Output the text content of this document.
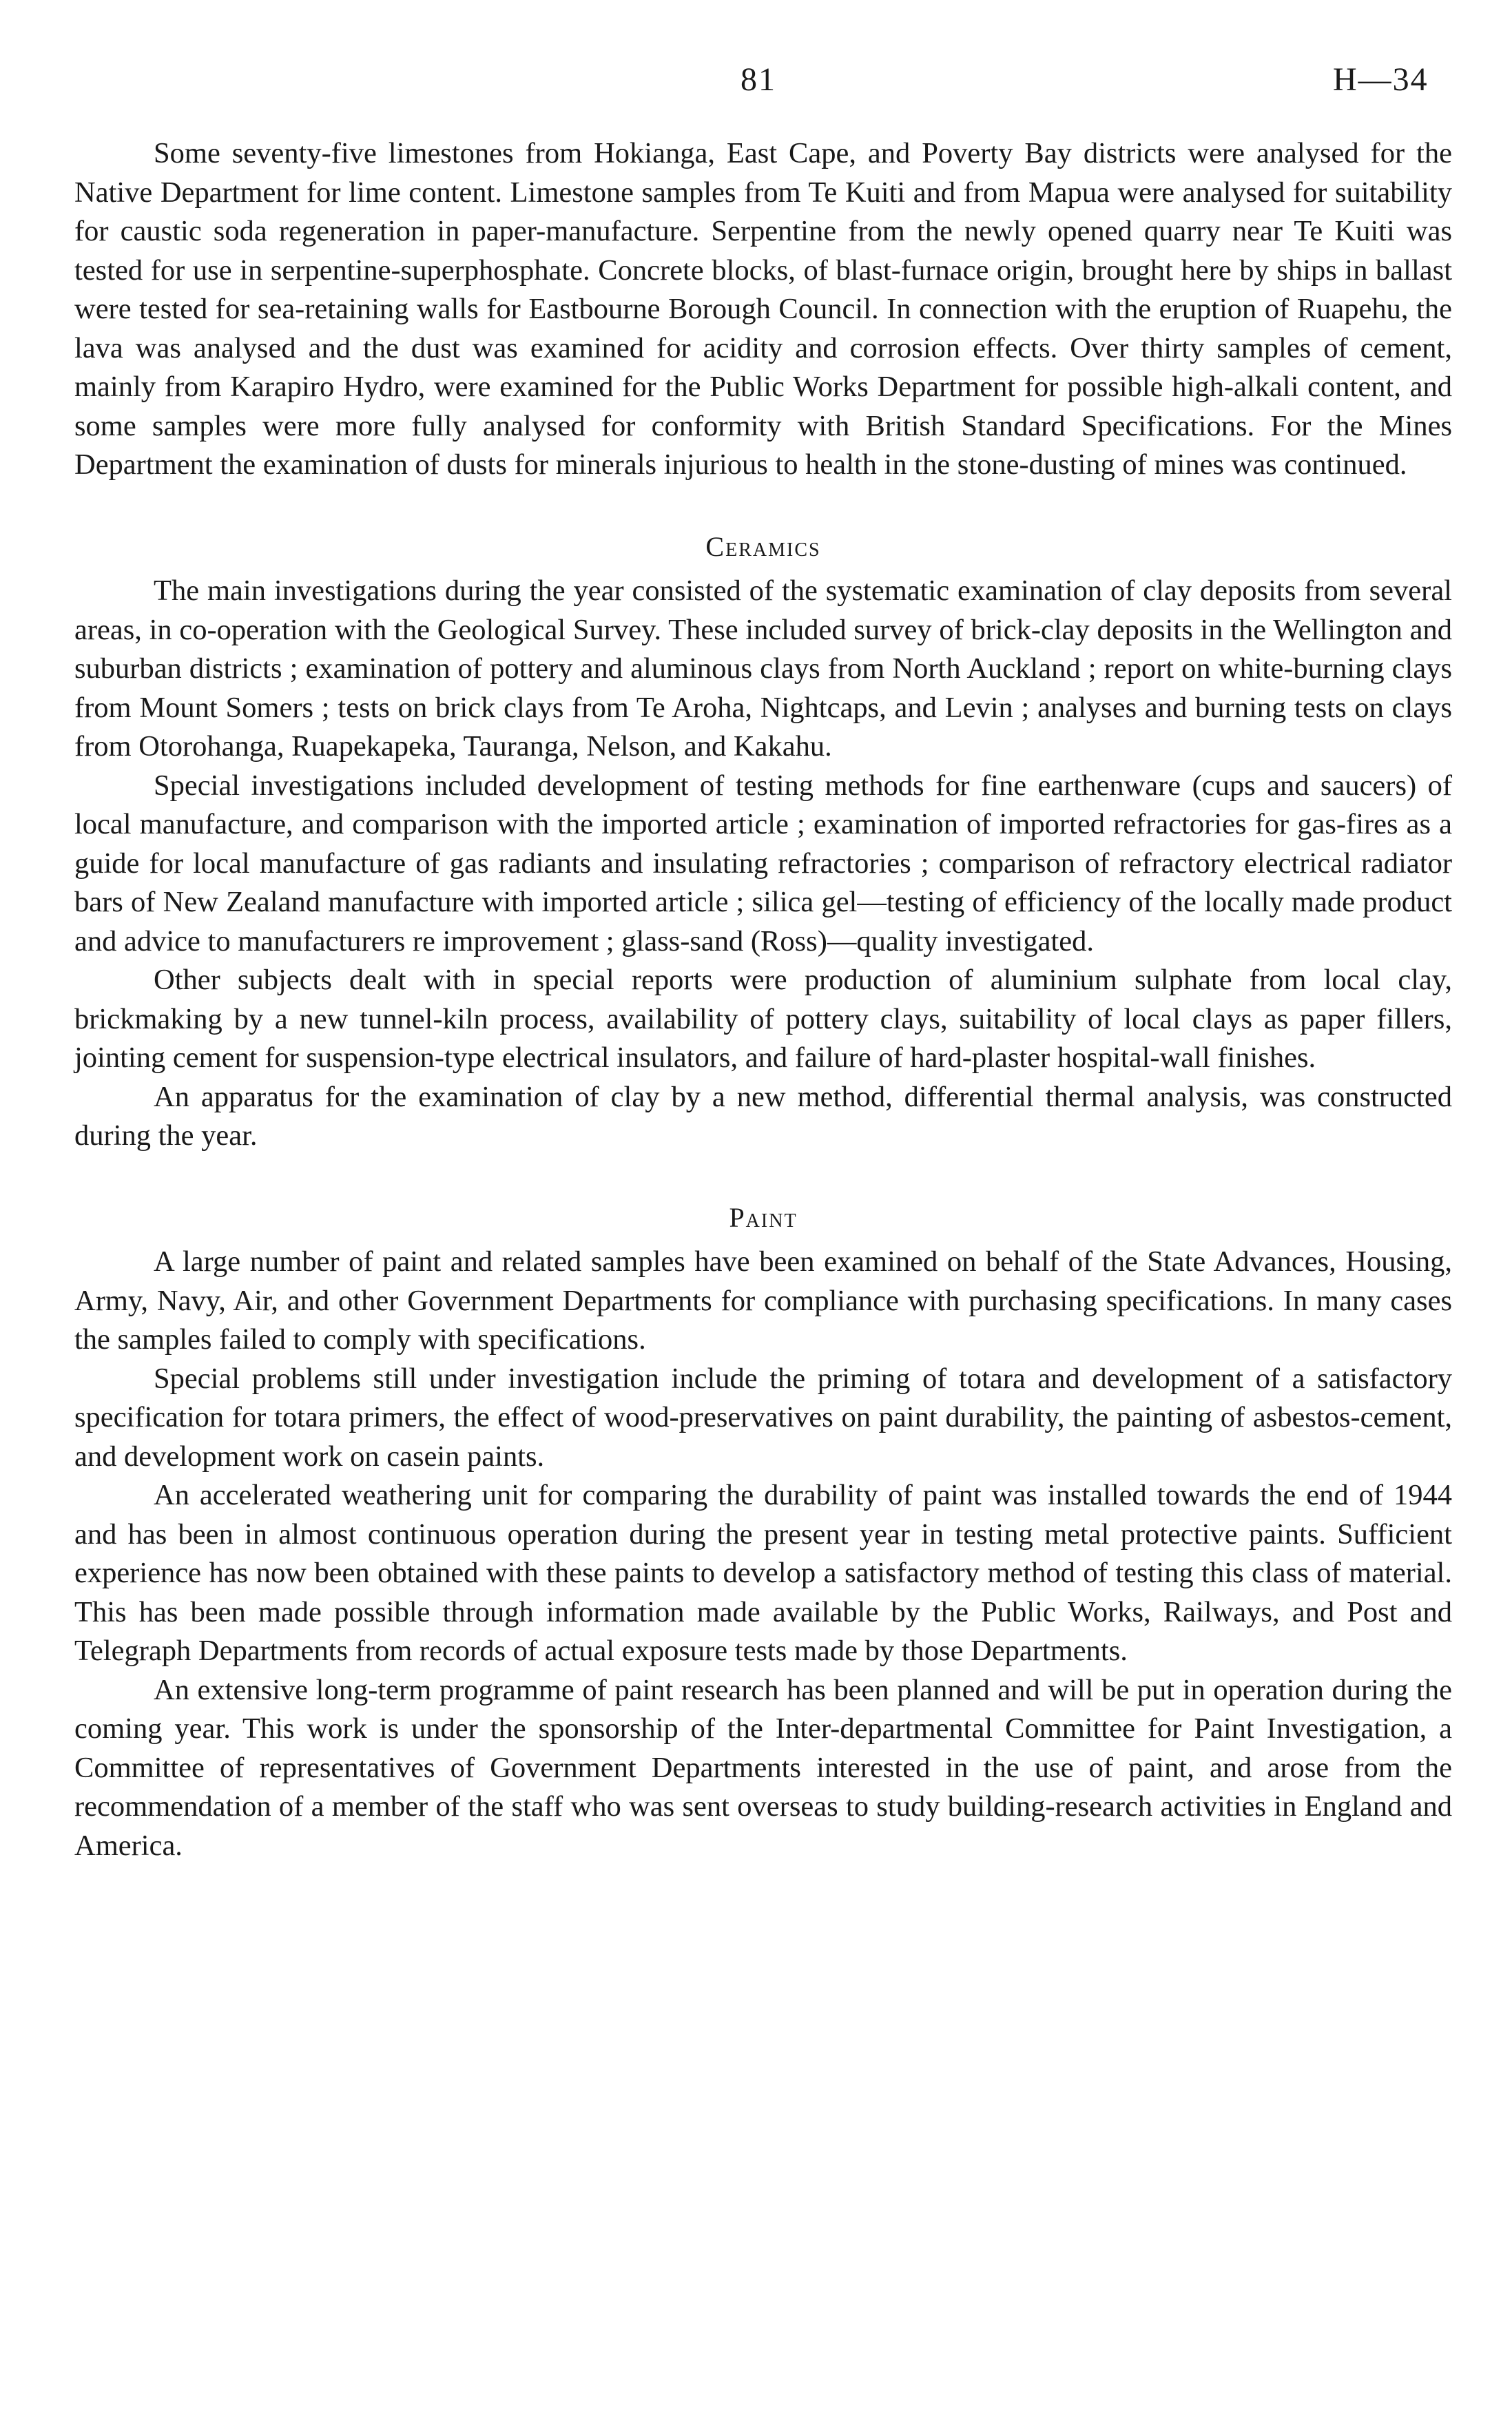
81	H—34

Some seventy-five limestones from Hokianga, East Cape, and Poverty Bay districts were analysed for the Native Department for lime content. Limestone samples from Te Kuiti and from Mapua were analysed for suitability for caustic soda regeneration in paper-manufacture. Serpentine from the newly opened quarry near Te Kuiti was tested for use in serpentine-superphosphate. Concrete blocks, of blast-furnace origin, brought here by ships in ballast were tested for sea-retaining walls for Eastbourne Borough Council. In connection with the eruption of Ruapehu, the lava was analysed and the dust was examined for acidity and corrosion effects. Over thirty samples of cement, mainly from Karapiro Hydro, were examined for the Public Works Department for possible high-alkali content, and some samples were more fully analysed for conformity with British Standard Specifications. For the Mines Department the examination of dusts for minerals injurious to health in the stone-dusting of mines was continued.

Ceramics

The main investigations during the year consisted of the systematic examination of clay deposits from several areas, in co-operation with the Geological Survey. These included survey of brick-clay deposits in the Wellington and suburban districts ; examination of pottery and aluminous clays from North Auckland ; report on white-burning clays from Mount Somers ; tests on brick clays from Te Aroha, Nightcaps, and Levin ; analyses and burning tests on clays from Otorohanga, Ruapekapeka, Tauranga, Nelson, and Kakahu.

Special investigations included development of testing methods for fine earthenware (cups and saucers) of local manufacture, and comparison with the imported article ; examination of imported refractories for gas-fires as a guide for local manufacture of gas radiants and insulating refractories ; comparison of refractory electrical radiator bars of New Zealand manufacture with imported article ; silica gel—testing of efficiency of the locally made product and advice to manufacturers re improvement ; glass-sand (Ross)—quality investigated.

Other subjects dealt with in special reports were production of aluminium sulphate from local clay, brickmaking by a new tunnel-kiln process, availability of pottery clays, suitability of local clays as paper fillers, jointing cement for suspension-type electrical insulators, and failure of hard-plaster hospital-wall finishes.

An apparatus for the examination of clay by a new method, differential thermal analysis, was constructed during the year.

Paint

A large number of paint and related samples have been examined on behalf of the State Advances, Housing, Army, Navy, Air, and other Government Departments for compliance with purchasing specifications. In many cases the samples failed to comply with specifications.

Special problems still under investigation include the priming of totara and development of a satisfactory specification for totara primers, the effect of wood-preservatives on paint durability, the painting of asbestos-cement, and development work on casein paints.

An accelerated weathering unit for comparing the durability of paint was installed towards the end of 1944 and has been in almost continuous operation during the present year in testing metal protective paints. Sufficient experience has now been obtained with these paints to develop a satisfactory method of testing this class of material. This has been made possible through information made available by the Public Works, Railways, and Post and Telegraph Departments from records of actual exposure tests made by those Departments.

An extensive long-term programme of paint research has been planned and will be put in operation during the coming year. This work is under the sponsorship of the Inter-departmental Committee for Paint Investigation, a Committee of representatives of Government Departments interested in the use of paint, and arose from the recommendation of a member of the staff who was sent overseas to study building-research activities in England and America.
